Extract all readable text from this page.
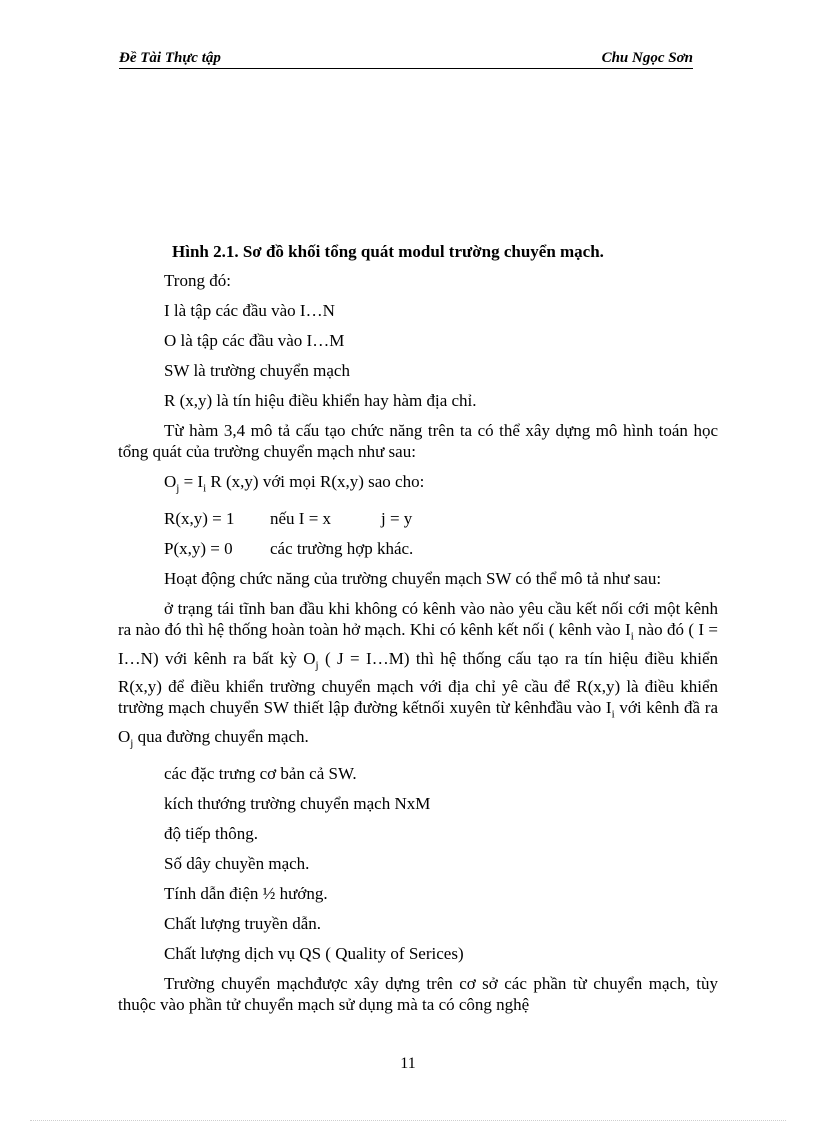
Đề Tài Thực tập	Chu Ngọc Sơn

Hình 2.1. Sơ đồ khối tổng quát modul trường chuyển mạch.

Trong đó:

I là tập các đầu vào I…N

O là tập các đầu vào I…M

SW là trường chuyển mạch

R (x,y) là tín hiệu điều khiển hay hàm địa chỉ.

Từ hàm 3,4 mô tả cấu tạo chức năng trên ta có thể xây dựng mô hình toán học tổng quát của trường chuyển mạch như sau:

$O_j = I_i$ R (x,y) với mọi R(x,y) sao cho:

R(x,y) = 1 nếu I = x	j = y

P(x,y) = 0 các trường hợp khác.

Hoạt động chức năng của trường chuyển mạch SW có thể mô tả như sau:

ở trạng tái tĩnh ban đầu khi không có kênh vào nào yêu cầu kết nối cới một kênh ra nào đó thì hệ thống hoàn toàn hở mạch. Khi có kênh kết nối ( kênh vào $I_i$ nào đó ( I = I…N) với kênh ra bất kỳ $O_j$ ( J = I…M) thì hệ thống cấu tạo ra tín hiệu điều khiển R(x,y) để điều khiển trường chuyển mạch với địa chỉ yê cầu để R(x,y) là điều khiển trường mạch chuyển SW thiết lập đường kếtnối xuyên từ kênhđầu vào $I_i$ với kênh đầ ra $O_j$ qua đường chuyển mạch.

các đặc trưng cơ bản cả SW.

kích thướng trường chuyển mạch NxM

độ tiếp thông.

Số dây chuyền mạch.

Tính dẫn điện ½ hướng.

Chất lượng truyền dẫn.

Chất lượng dịch vụ QS ( Quality of Serices)

Trường chuyển mạchđược xây dựng trên cơ sở các phần từ chuyển mạch, tùy thuộc vào phần tử chuyển mạch sử dụng mà ta có công nghệ

11
